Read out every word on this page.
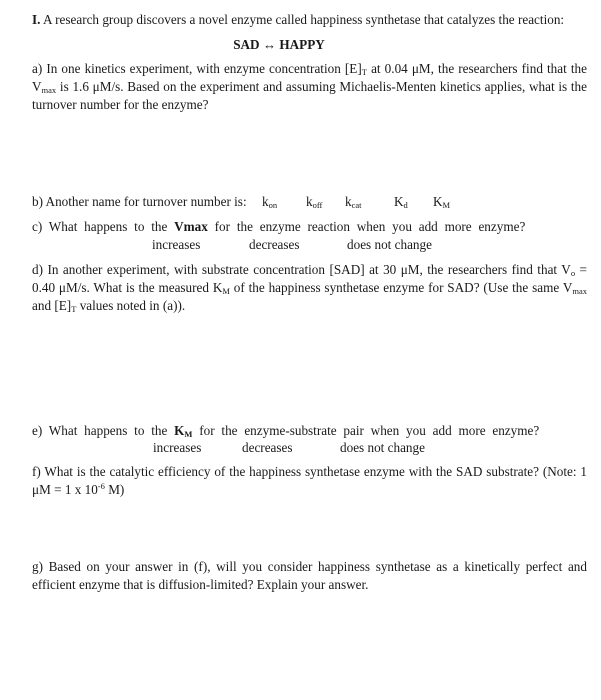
I. A research group discovers a novel enzyme called happiness synthetase that catalyzes the reaction:
SAD ↔ HAPPY
a) In one kinetics experiment, with enzyme concentration $[E]_T$ at 0.04 μM, the researchers find that the $V_{max}$ is 1.6 μM/s. Based on the experiment and assuming Michaelis-Menten kinetics applies, what is the turnover number for the enzyme?
b) Another name for turnover number is: $k_{on}$ $k_{off}$ $k_{cat}$ $K_d$ $K_M$
c) What happens to the Vmax for the enzyme reaction when you add more enzyme?
increases	decreases	does not change
d) In another experiment, with substrate concentration [SAD] at 30 μM, the researchers find that $V_o = 0.40$ μM/s. What is the measured $K_M$ of the happiness synthetase enzyme for SAD? (Use the same $V_{max}$ and $[E]_T$ values noted in (a)).
e) What happens to the $K_M$ for the enzyme-substrate pair when you add more enzyme?
increases	decreases	does not change
f) What is the catalytic efficiency of the happiness synthetase enzyme with the SAD substrate? (Note: 1 μM = 1 x $10^{-6}$ M)
g) Based on your answer in (f), will you consider happiness synthetase as a kinetically perfect and efficient enzyme that is diffusion-limited? Explain your answer.
